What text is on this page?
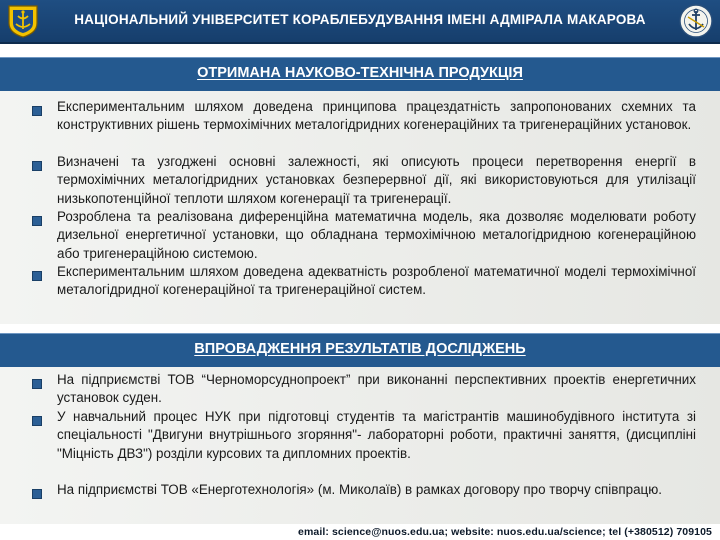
НАЦІОНАЛЬНИЙ УНІВЕРСИТЕТ КОРАБЛЕБУДУВАННЯ ІМЕНІ АДМІРАЛА МАКАРОВА
ОТРИМАНА НАУКОВО-ТЕХНІЧНА ПРОДУКЦІЯ
Експериментальним шляхом доведена принципова працездатність запропонованих схемних та конструктивних рішень термохімічних металогідридних когенераційних та тригенераційних установок.
Визначені та узгоджені основні залежності, які описують процеси перетворення енергії в термохімічних металогідридних установках безперервної дії, які використовуються для утилізації низькопотенційної теплоти шляхом когенерації та тригенерації.
Розроблена та реалізована диференційна математична модель, яка дозволяє моделювати роботу дизельної енергетичної установки, що обладнана термохімічною металогідридною когенераційною або тригенераційною системою.
Експериментальним шляхом доведена адекватність розробленої математичної моделі термохімічної металогідридної когенераційної та тригенераційної систем.
ВПРОВАДЖЕННЯ РЕЗУЛЬТАТІВ ДОСЛІДЖЕНЬ
На підприємстві ТОВ “Черноморсуднопроект” при виконанні перспективних проектів енергетичних установок суден.
У навчальний процес НУК при підготовці студентів та магістрантів машинобудівного інститута зі спеціальності "Двигуни внутрішнього згоряння"- лабораторні роботи, практичні заняття, (дисципліні "Міцність ДВЗ") розділи курсових та дипломних проектів.
На підприємстві ТОВ «Енерготехнологія» (м. Миколаїв) в рамках договору про творчу співпрацю.
email: science@nuos.edu.ua; website: nuos.edu.ua/science; tel (+380512) 709105
